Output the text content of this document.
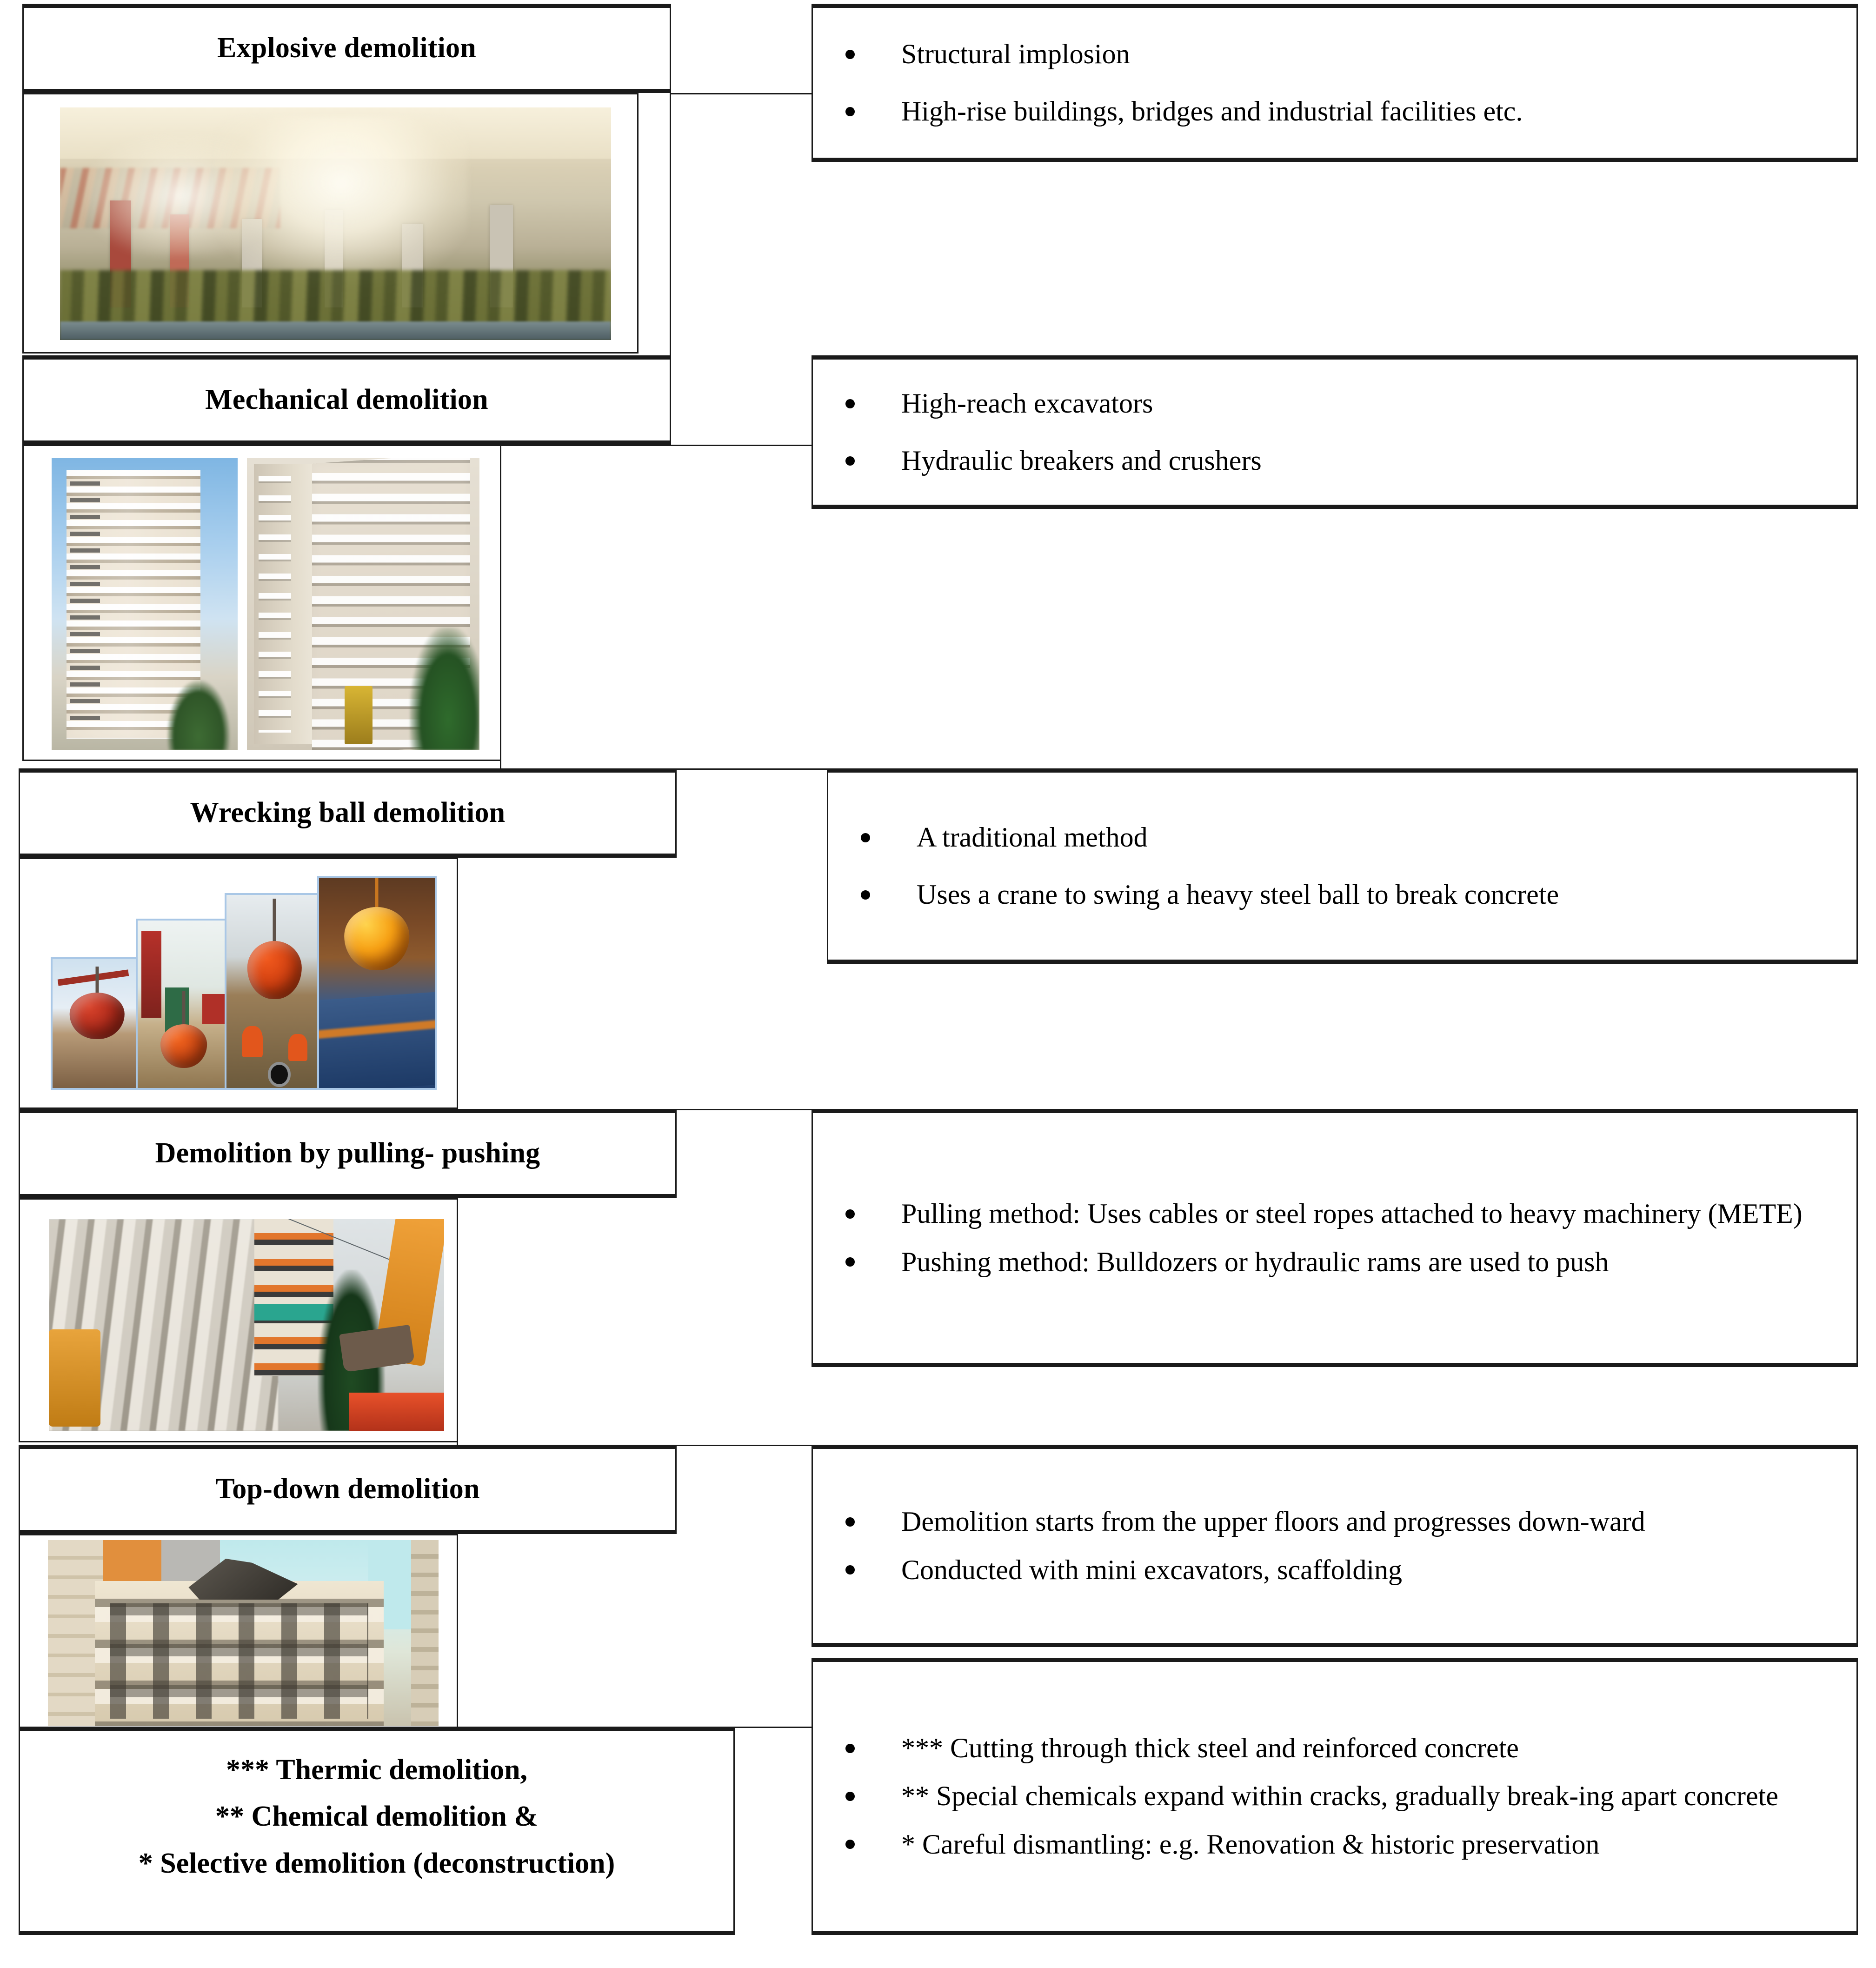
Explosive demolition	Structural implosion
High-rise buildings, bridges and industrial facilities etc.
Mechanical demolition	High-reach excavators
Hydraulic breakers and crushers
Wrecking ball demolition
A traditional method
Uses a crane to swing a heavy steel ball to break concrete
Demolition by pulling- pushing
Pulling method: Uses cables or steel ropes attached to heavy machinery (METE)
Pushing method: Bulldozers or hydraulic rams are used to push
Top-down demolition
*** Thermic demolition,
** Chemical demolition &
* Selective demolition (deconstruction)
Demolition starts from the upper floors and progresses down-ward
Conducted with mini excavators, scaffolding
*** Cutting through thick steel and reinforced concrete
** Special chemicals expand within cracks, gradually break-ing apart concrete
* Careful dismantling: e.g. Renovation & historic preservation
